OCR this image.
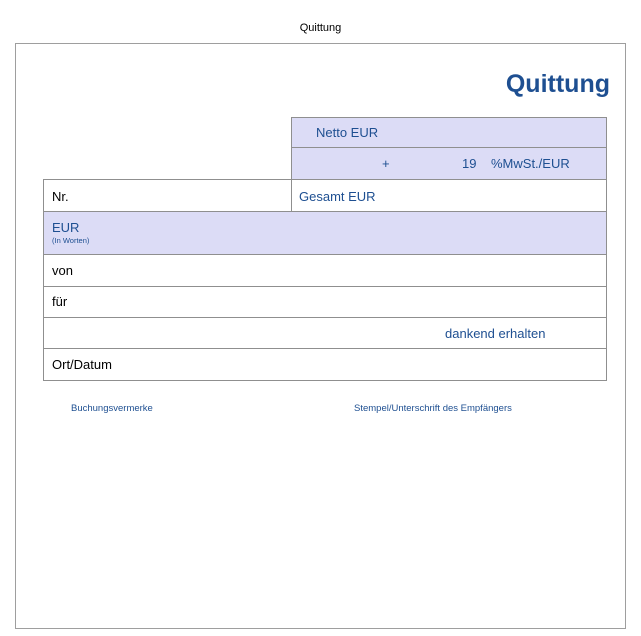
Quittung
Quittung
Netto EUR
+	19 %MwSt./EUR
Nr.	Gesamt EUR
EUR
(In Worten)
von
für
dankend erhalten
Ort/Datum
Buchungsvermerke	Stempel/Unterschrift des Empfängers
